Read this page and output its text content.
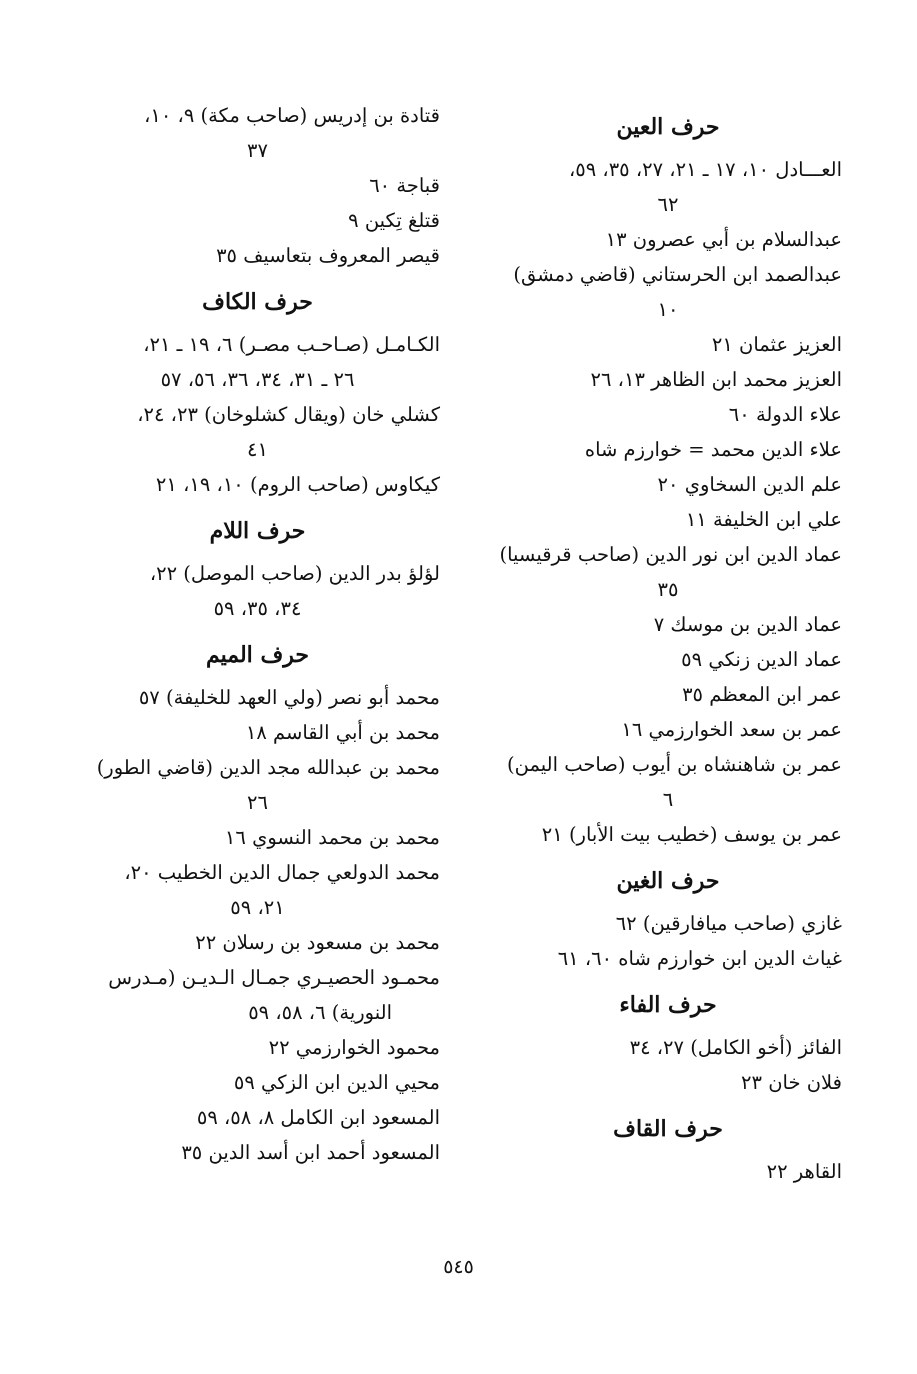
حرف العين
العـــادل ١٠، ١٧ ـ ٢١، ٢٧، ٣٥، ٥٩،
٦٢
عبدالسلام بن أبي عصرون ١٣
عبدالصمد ابن الحرستاني (قاضي دمشق)
١٠
العزيز عثمان ٢١
العزيز محمد ابن الظاهر ١٣، ٢٦
علاء الدولة ٦٠
علاء الدين محمد = خوارزم شاه
علم الدين السخاوي ٢٠
علي ابن الخليفة ١١
عماد الدين ابن نور الدين (صاحب قرقيسيا)
٣٥
عماد الدين بن موسك ٧
عماد الدين زنكي ٥٩
عمر ابن المعظم ٣٥
عمر بن سعد الخوارزمي ١٦
عمر بن شاهنشاه بن أيوب (صاحب اليمن)
٦
عمر بن يوسف (خطيب بيت الأبار) ٢١
حرف الغين
غازي (صاحب ميافارقين) ٦٢
غياث الدين ابن خوارزم شاه ٦٠، ٦١
حرف الفاء
الفائز (أخو الكامل) ٢٧، ٣٤
فلان خان ٢٣
حرف القاف
القاهر ٢٢
قتادة بن إدريس (صاحب مكة) ٩، ١٠،
٣٧
قباجة ٦٠
قتلغ تِكين ٩
قيصر المعروف بتعاسيف ٣٥
حرف الكاف
الكـامـل (صـاحـب مصـر) ٦، ١٩ ـ ٢١،
٢٦ ـ ٣١، ٣٤، ٣٦، ٥٦، ٥٧
كشلي خان (ويقال كشلوخان) ٢٣، ٢٤،
٤١
كيكاوس (صاحب الروم) ١٠، ١٩، ٢١
حرف اللام
لؤلؤ بدر الدين (صاحب الموصل) ٢٢،
٣٤، ٣٥، ٥٩
حرف الميم
محمد أبو نصر (ولي العهد للخليفة) ٥٧
محمد بن أبي القاسم ١٨
محمد بن عبدالله مجد الدين (قاضي الطور)
٢٦
محمد بن محمد النسوي ١٦
محمد الدولعي جمال الدين الخطيب ٢٠،
٢١، ٥٩
محمد بن مسعود بن رسلان ٢٢
محمـود الحصيـري جمـال الـديـن (مـدرس
النورية) ٦، ٥٨، ٥٩
محمود الخوارزمي ٢٢
محيي الدين ابن الزكي ٥٩
المسعود ابن الكامل ٨، ٥٨، ٥٩
المسعود أحمد ابن أسد الدين ٣٥
٥٤٥
